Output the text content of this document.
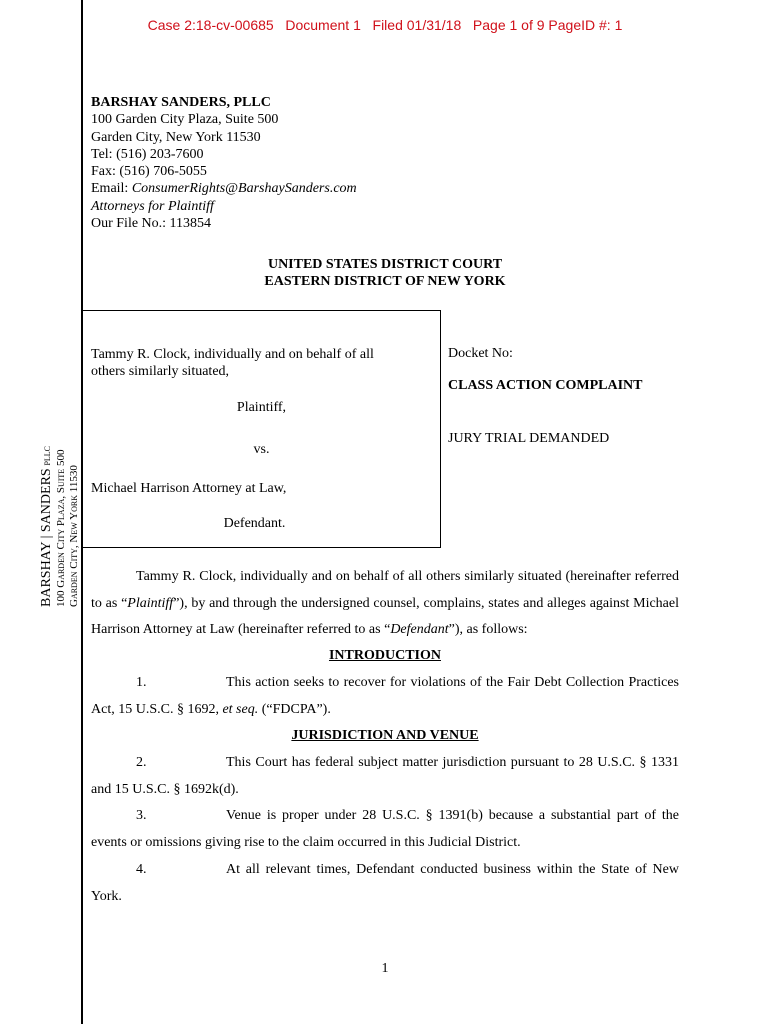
Case 2:18-cv-00685   Document 1   Filed 01/31/18   Page 1 of 9 PageID #: 1
BARSHAY SANDERS, PLLC
100 Garden City Plaza, Suite 500
Garden City, New York 11530
Tel: (516) 203-7600
Fax: (516) 706-5055
Email: ConsumerRights@BarshaySanders.com
Attorneys for Plaintiff
Our File No.: 113854
UNITED STATES DISTRICT COURT
EASTERN DISTRICT OF NEW YORK
Tammy R. Clock, individually and on behalf of all
others similarly situated,
Plaintiff,
vs.
Michael Harrison Attorney at Law,
Defendant.
Docket No:
CLASS ACTION COMPLAINT
JURY TRIAL DEMANDED
BARSHAY | SANDERS pllc 100 Garden City Plaza, Suite 500 Garden City, New York 11530	Tammy R. Clock, individually and on behalf of all others similarly situated (hereinafter referred to as “Plaintiff”), by and through the undersigned counsel, complains, states and alleges against Michael Harrison Attorney at Law (hereinafter referred to as “Defendant”), as follows:
INTRODUCTION
1.	This action seeks to recover for violations of the Fair Debt Collection Practices Act, 15 U.S.C. § 1692, et seq. (“FDCPA”).
JURISDICTION AND VENUE
2.	This Court has federal subject matter jurisdiction pursuant to 28 U.S.C. § 1331 and 15 U.S.C. § 1692k(d).
3.	Venue is proper under 28 U.S.C. § 1391(b) because a substantial part of the events or omissions giving rise to the claim occurred in this Judicial District.
4.	At all relevant times, Defendant conducted business within the State of New York.
1
